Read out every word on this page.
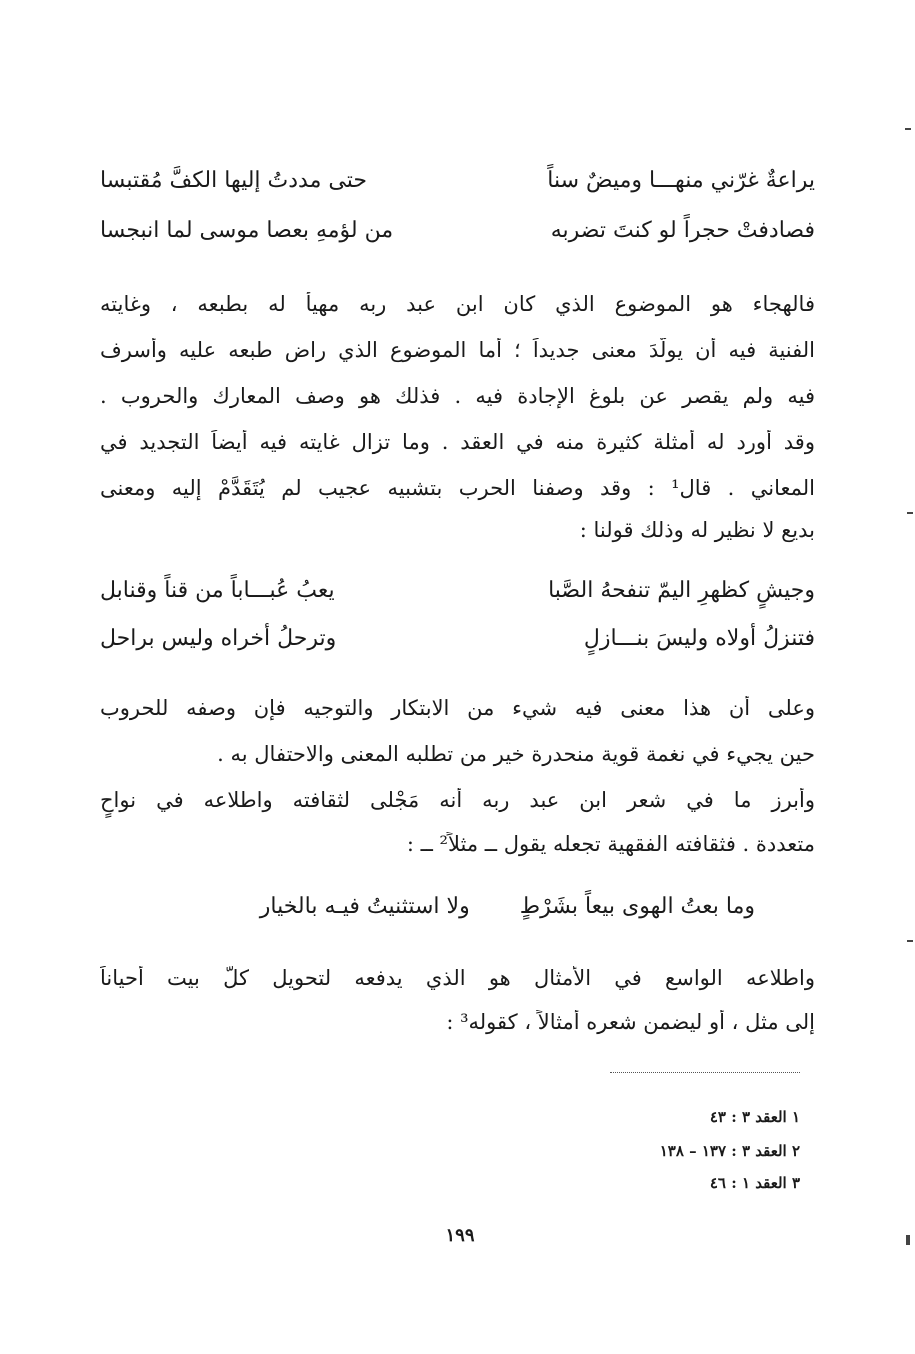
يراعةٌ غرّني منهـــا وميضٌ سناً
حتى مددتُ إليها الكفَّ مُقتبسا
فصادفتْ حجراً لو كنتَ تضربه
من لؤمهِ بعصا موسى لما انبجسا
فالهجاء هو الموضوع الذي كان ابن عبد ربه مهيأ له بطبعه ، وغايته
الفنية فيه أن يولّدَ معنى جديداً ؛ أما الموضوع الذي راض طبعه عليه وأسرف
فيه ولم يقصر عن بلوغ الإجادة فيه . فذلك هو وصف المعارك والحروب .
وقد أورد له أمثلة كثيرة منه في العقد . وما تزال غايته فيه أيضاً التجديد في
المعاني . قال¹ : وقد وصفنا الحرب بتشبيه عجيب لم يُتَقَدَّمْ إليه ومعنى
بديع لا نظير له وذلك قولنا :
وجيشٍ كظهرِ اليمّ تنفحهُ الصَّبا
يعبُ عُبـــاباً من قناً وقنابل
فتنزلُ أولاه وليسَ بنـــازلٍ
وترحلُ أخراه وليس براحل
وعلى أن هذا معنى فيه شيء من الابتكار والتوجيه فإن وصفه للحروب
حين يجيء في نغمة قوية منحدرة خير من تطلبه المعنى والاحتفال به .
وأبرز ما في شعر ابن عبد ربه أنه مَجْلى لثقافته واطلاعه في نواحٍ
متعددة . فثقافته الفقهية تجعله يقول ــ مثلاً² ــ :
وما بعتُ الهوى بيعاً بشَرْطٍ
ولا استثنيتُ فيـه بالخيار
واطلاعه الواسع في الأمثال هو الذي يدفعه لتحويل كلّ بيت أحياناً
إلى مثل ، أو ليضمن شعره أمثالاً ، كقوله³ :
١ العقد ٣ : ٤٣
٢ العقد ٣ : ١٣٧ – ١٣٨
٣ العقد ١ : ٤٦
١٩٩
